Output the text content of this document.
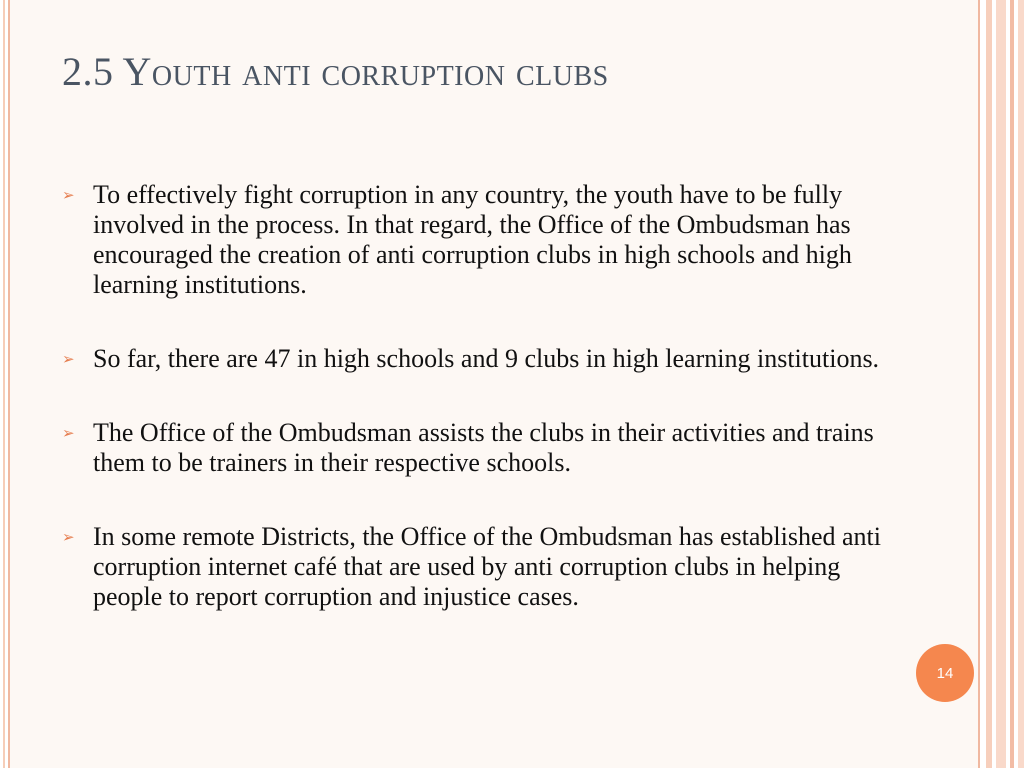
2.5 Youth anti corruption clubs
➢ To effectively fight corruption in any country, the youth have to be fully involved in the process. In that regard, the Office of the Ombudsman has encouraged the creation of anti corruption clubs in high schools and high learning institutions.
➢ So far, there are 47 in high schools and 9 clubs in high learning institutions.
➢ The Office of the Ombudsman assists the clubs in their activities and trains them to be trainers in their respective schools.
➢ In some remote Districts, the Office of the Ombudsman has established anti corruption internet café that are used by anti corruption clubs in helping people to report corruption and injustice cases.
14
